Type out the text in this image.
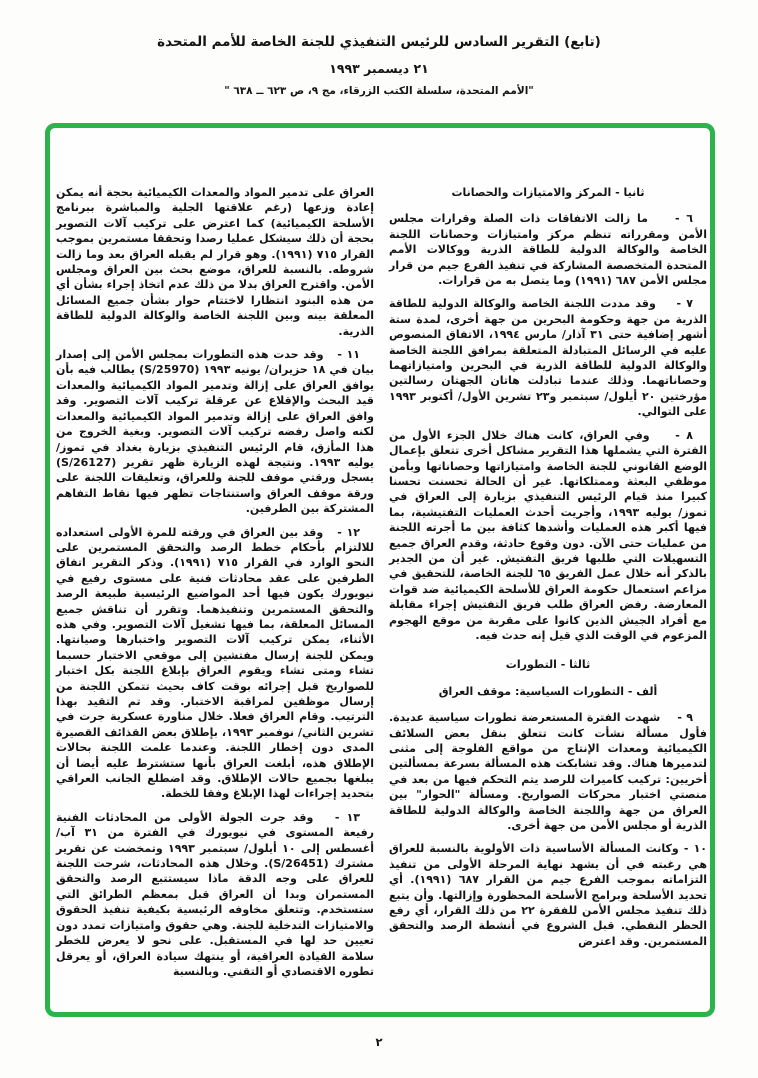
(تابع) التقرير السادس للرئيس التنفيذي للجنة الخاصة للأمم المتحدة
٢١ ديسمبر ١٩٩٣
"الأمم المتحدة، سلسلة الكتب الزرقاء، مج ٩، ص ٦٢٣ ــ ٦٣٨ "
ثانيا - المركز والامتيازات والحصانات

٦ -    ما زالت الاتفاقات ذات الصلة وقرارات مجلس الأمن ومقرراته تنظم مركز وامتيازات وحصانات اللجنة الخاصة والوكالة الدولية للطاقة الذرية ووكالات الأمم المتحدة المتخصصة المشاركة في تنفيذ الفرع جيم من قرار مجلس الأمن ٦٨٧ (١٩٩١) وما يتصل به من قرارات.

٧ -    وقد مددت اللجنة الخاصة والوكالة الدولية للطاقة الذرية من جهة وحكومة البحرين من جهة أخرى، لمدة ستة أشهر إضافية حتى ٣١ آذار/ مارس ١٩٩٤، الاتفاق المنصوص عليه في الرسائل المتبادلة المتعلقة بمرافق اللجنة الخاصة والوكالة الدولية للطاقة الذرية في البحرين وامتيازاتهما وحصاناتهما. وذلك عندما تبادلت هاتان الجهتان رسالتين مؤرختين ٢٠ أيلول/ سبتمبر و٢٣ تشرين الأول/ أكتوبر ١٩٩٣ على التوالي.

٨ -    وفي العراق، كانت هناك خلال الجزء الأول من الفترة التي يشملها هذا التقرير مشاكل أخرى تتعلق بإعمال الوضع القانوني للجنة الخاصة وامتيازاتها وحصاناتها وبأمن موظفي البعثة وممتلكاتها. غير أن الحالة تحسنت تحسنا كبيرا منذ قيام الرئيس التنفيذي بزيارة إلى العراق في تموز/ يوليه ١٩٩٣، وأجريت أحدث العمليات التفتيشية، بما فيها أكبر هذه العمليات وأشدها كثافة بين ما أجرته اللجنة من عمليات حتى الآن. دون وقوع حادثة، وقدم العراق جميع التسهيلات التي طلبها فريق التفتيش. غير أن من الجدير بالذكر أنه خلال عمل الفريق ٦٥ للجنة الخاصة، للتحقيق في مزاعم استعمال حكومة العراق للأسلحة الكيميائية ضد قوات المعارضة. رفض العراق طلب فريق التفتيش إجراء مقابلة مع أفراد الجيش الذين كانوا على مقربة من موقع الهجوم المزعوم في الوقت الذي قيل إنه حدث فيه.

ثالثا - التطورات
ألف - التطورات السياسية: موقف العراق

٩ -    شهدت الفترة المستعرضة تطورات سياسية عديدة. فأول مسألة نشأت كانت تتعلق بنقل بعض السلائف الكيميائية ومعدات الإنتاج من مواقع الفلوجة إلى مثنى لتدميرها هناك. وقد تشابكت هذه المسألة بسرعة بمسألتين أخريين: تركيب كاميرات للرصد يتم التحكم فيها من بعد في منصتي اختبار محركات الصواريخ. ومسألة "الحوار" بين العراق من جهة واللجنة الخاصة والوكالة الدولية للطاقة الذرية أو مجلس الأمن من جهة أخرى.

١٠ - وكانت المسألة الأساسية ذات الأولوية بالنسبة للعراق هي رغبته في أن يشهد نهاية المرحلة الأولى من تنفيذ التزاماته بموجب الفرع جيم من القرار ٦٨٧ (١٩٩١). أي تحديد الأسلحة وبرامج الأسلحة المحظورة وإزالتها. وأن يتبع ذلك تنفيذ مجلس الأمن للفقرة ٢٢ من ذلك القرار، أي رفع الحظر النفطي. قبل الشروع في أنشطة الرصد والتحقق المستمرين. وقد اعترض

العراق على تدمير المواد والمعدات الكيميائية بحجة أنه يمكن إعادة وزعها (رغم علاقتها الجلية والمباشرة ببرنامج الأسلحة الكيميائية) كما اعترض على تركيب آلات التصوير بحجة أن ذلك سيشكل عمليا رصدا وتحققا مستمرين بموجب القرار ٧١٥ (١٩٩١). وهو قرار لم يقبله العراق بعد وما زالت شروطه. بالنسبة للعراق، موضع بحث بين العراق ومجلس الأمن. واقترح العراق بدلا من ذلك عدم اتخاذ إجراء بشأن أي من هذه البنود انتظارا لاختتام حوار بشأن جميع المسائل المعلقة بينه وبين اللجنة الخاصة والوكالة الدولية للطاقة الذرية.

١١ -   وقد حدت هذه التطورات بمجلس الأمن إلى إصدار بيان في ١٨ حزيران/ يونيه ١٩٩٣ (S/25970) يطالب فيه بأن يوافق العراق على إزالة وتدمير المواد الكيميائية والمعدات قيد البحث والإقلاع عن عرقلة تركيب آلات التصوير. وقد وافق العراق على إزالة وتدمير المواد الكيميائية والمعدات لكنه واصل رفضه تركيب آلات التصوير. وبغية الخروج من هذا المأزق، قام الرئيس التنفيذي بزيارة بغداد في تموز/ يوليه ١٩٩٣. ونتيجة لهذه الزيارة ظهر تقرير (S/26127) يسجل ورقتي موقف للجنة وللعراق، وتعليقات اللجنة على ورقة موقف العراق واستنتاجات تظهر فيها نقاط التفاهم المشتركة بين الطرفين.

١٢ -   وقد بين العراق في ورقته للمرة الأولى استعداده للالتزام بأحكام خطط الرصد والتحقق المستمرين على النحو الوارد في القرار ٧١٥ (١٩٩١). وذكر التقرير اتفاق الطرفين على عقد محادثات فنية على مستوى رفيع في نيويورك يكون فيها أحد المواضيع الرئيسية طبيعة الرصد والتحقق المستمرين وتنفيذهما. وتقرر أن تناقش جميع المسائل المعلقة، بما فيها تشغيل آلات التصوير. وفي هذه الأثناء، يمكن تركيب آلات التصوير واختبارها وصيانتها. ويمكن للجنة إرسال مفتشين إلى موقعي الاختبار حسبما تشاء ومتى تشاء ويقوم العراق بإبلاغ اللجنة بكل اختبار للصواريخ قبل إجرائه بوقت كاف بحيث تتمكن اللجنة من إرسال موظفين لمراقبة الاختبار. وقد تم التقيد بهذا الترتيب. وقام العراق فعلا. خلال مناورة عسكرية جرت في تشرين الثاني/ نوفمبر ١٩٩٣، بإطلاق بعض القذائف القصيرة المدى دون إخطار اللجنة. وعندما علمت اللجنة بحالات الإطلاق هذه، أبلغت العراق بأنها ستشترط عليه أيضا أن يبلغها بجميع حالات الإطلاق. وقد اضطلع الجانب العراقي بتحديد إجراءات لهذا الإبلاغ وفقا للخطة.

١٣ -   وقد جرت الجولة الأولى من المحادثات الفنية رفيعة المستوى في نيويورك في الفترة من ٣١ آب/ أغسطس إلى ١٠ أيلول/ سبتمبر ١٩٩٣ وتمخضت عن تقرير مشترك (S/26451). وخلال هذه المحادثات، شرحت اللجنة للعراق على وجه الدقة ماذا سيستتبع الرصد والتحقق المستمران وبدا أن العراق قبل بمعظم الطرائق التي ستستخدم. وتتعلق مخاوفه الرئيسية بكيفية تنفيذ الحقوق والامتيازات التدخلية للجنة. وهي حقوق وامتيازات تمدد دون تعيين حد لها في المستقبل. على نحو لا يعرض للخطر سلامة القيادة العراقية، أو ينتهك سيادة العراق، أو يعرقل تطوره الاقتصادي أو التقني. وبالنسبة

٢
